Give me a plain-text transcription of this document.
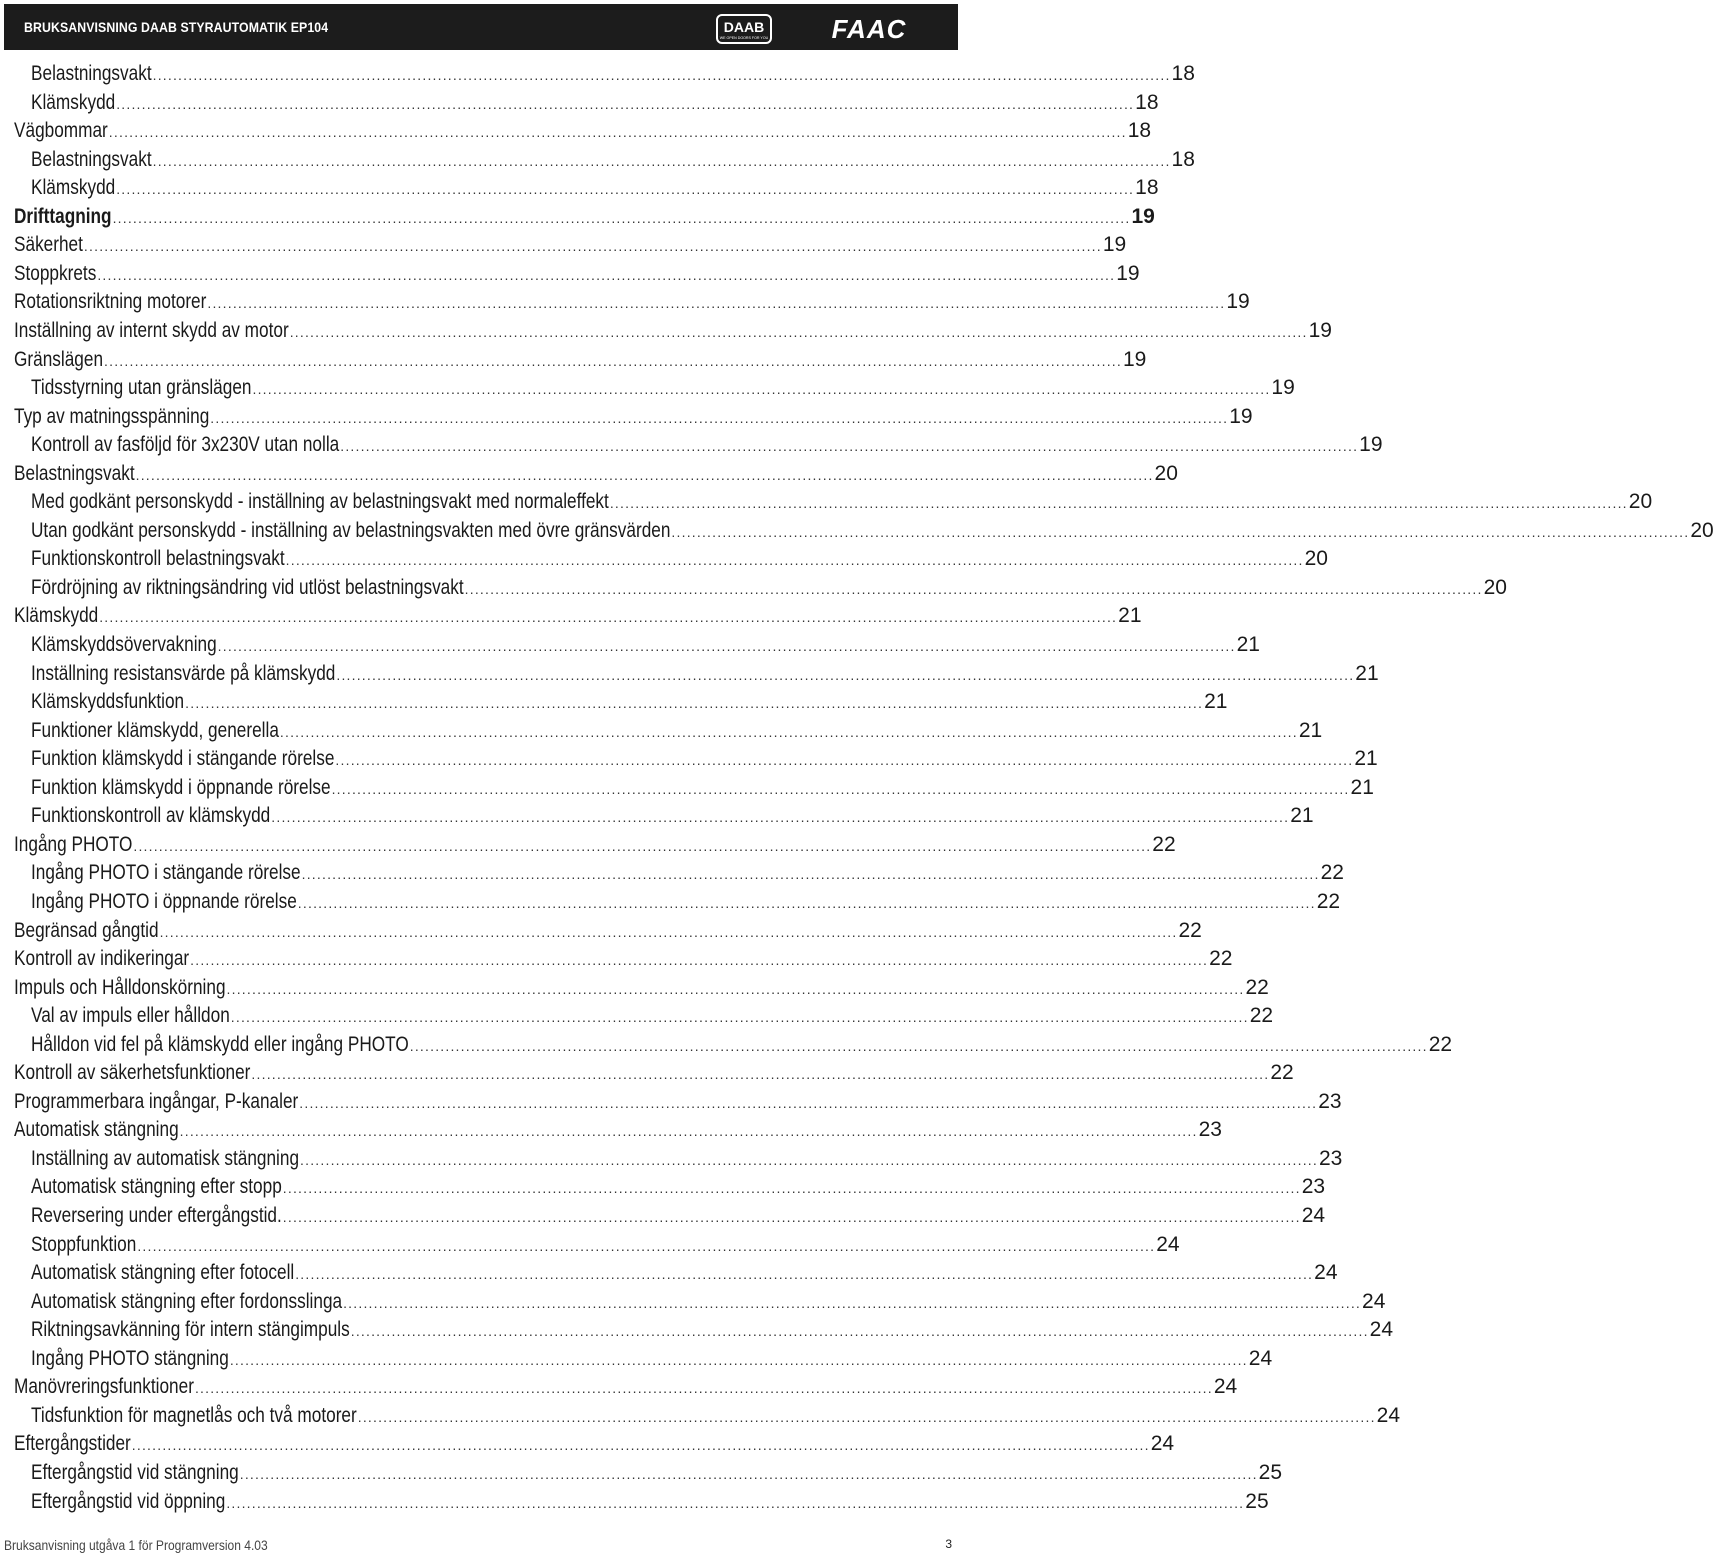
BRUKSANVISNING DAAB STYRAUTOMATIK EP104	DAAB
WE OPEN DOORS FOR YOU FAAC
Belastningsvakt ........................................................................................................................................................................................................ 18
Klämskydd ........................................................................................................................................................................................................ 18
Vägbommar ........................................................................................................................................................................................................ 18
Belastningsvakt ........................................................................................................................................................................................................ 18
Klämskydd ........................................................................................................................................................................................................ 18
Drifttagning ........................................................................................................................................................................................................ 19
Säkerhet ........................................................................................................................................................................................................ 19
Stoppkrets ........................................................................................................................................................................................................ 19
Rotationsriktning motorer ........................................................................................................................................................................................................ 19
Inställning av internt skydd av motor ........................................................................................................................................................................................................ 19
Gränslägen ........................................................................................................................................................................................................ 19
Tidsstyrning utan gränslägen ........................................................................................................................................................................................................ 19
Typ av matningsspänning ........................................................................................................................................................................................................ 19
Kontroll av fasföljd för 3x230V utan nolla ........................................................................................................................................................................................................ 19
Belastningsvakt ........................................................................................................................................................................................................ 20
Med godkänt personskydd - inställning av belastningsvakt med normaleffekt ........................................................................................................................................................................................................ 20
Utan godkänt personskydd - inställning av belastningsvakten med övre gränsvärden ........................................................................................................................................................................................................ 20
Funktionskontroll belastningsvakt ........................................................................................................................................................................................................ 20
Fördröjning av riktningsändring vid utlöst belastningsvakt ........................................................................................................................................................................................................ 20
Klämskydd ........................................................................................................................................................................................................ 21
Klämskyddsövervakning ........................................................................................................................................................................................................ 21
Inställning resistansvärde på klämskydd ........................................................................................................................................................................................................ 21
Klämskyddsfunktion ........................................................................................................................................................................................................ 21
Funktioner klämskydd, generella ........................................................................................................................................................................................................ 21
Funktion klämskydd i stängande rörelse ........................................................................................................................................................................................................ 21
Funktion klämskydd i öppnande rörelse ........................................................................................................................................................................................................ 21
Funktionskontroll av klämskydd ........................................................................................................................................................................................................ 21
Ingång PHOTO ........................................................................................................................................................................................................ 22
Ingång PHOTO i stängande rörelse ........................................................................................................................................................................................................ 22
Ingång PHOTO i öppnande rörelse ........................................................................................................................................................................................................ 22
Begränsad gångtid ........................................................................................................................................................................................................ 22
Kontroll av indikeringar ........................................................................................................................................................................................................ 22
Impuls och Hålldonskörning ........................................................................................................................................................................................................ 22
Val av impuls eller hålldon ........................................................................................................................................................................................................ 22
Hålldon vid fel på klämskydd eller ingång PHOTO ........................................................................................................................................................................................................ 22
Kontroll av säkerhetsfunktioner ........................................................................................................................................................................................................ 22
Programmerbara ingångar, P-kanaler ........................................................................................................................................................................................................ 23
Automatisk stängning ........................................................................................................................................................................................................ 23
Inställning av automatisk stängning ........................................................................................................................................................................................................ 23
Automatisk stängning efter stopp ........................................................................................................................................................................................................ 23
Reversering under eftergångstid. ........................................................................................................................................................................................................ 24
Stoppfunktion ........................................................................................................................................................................................................ 24
Automatisk stängning efter fotocell ........................................................................................................................................................................................................ 24
Automatisk stängning efter fordonsslinga ........................................................................................................................................................................................................ 24
Riktningsavkänning för intern stängimpuls ........................................................................................................................................................................................................ 24
Ingång PHOTO stängning ........................................................................................................................................................................................................ 24
Manövreringsfunktioner ........................................................................................................................................................................................................ 24
Tidsfunktion för magnetlås och två motorer ........................................................................................................................................................................................................ 24
Eftergångstider ........................................................................................................................................................................................................ 24
Eftergångstid vid stängning ........................................................................................................................................................................................................ 25
Eftergångstid vid öppning ........................................................................................................................................................................................................ 25
Bruksanvisning utgåva 1 för Programversion 4.03	3
